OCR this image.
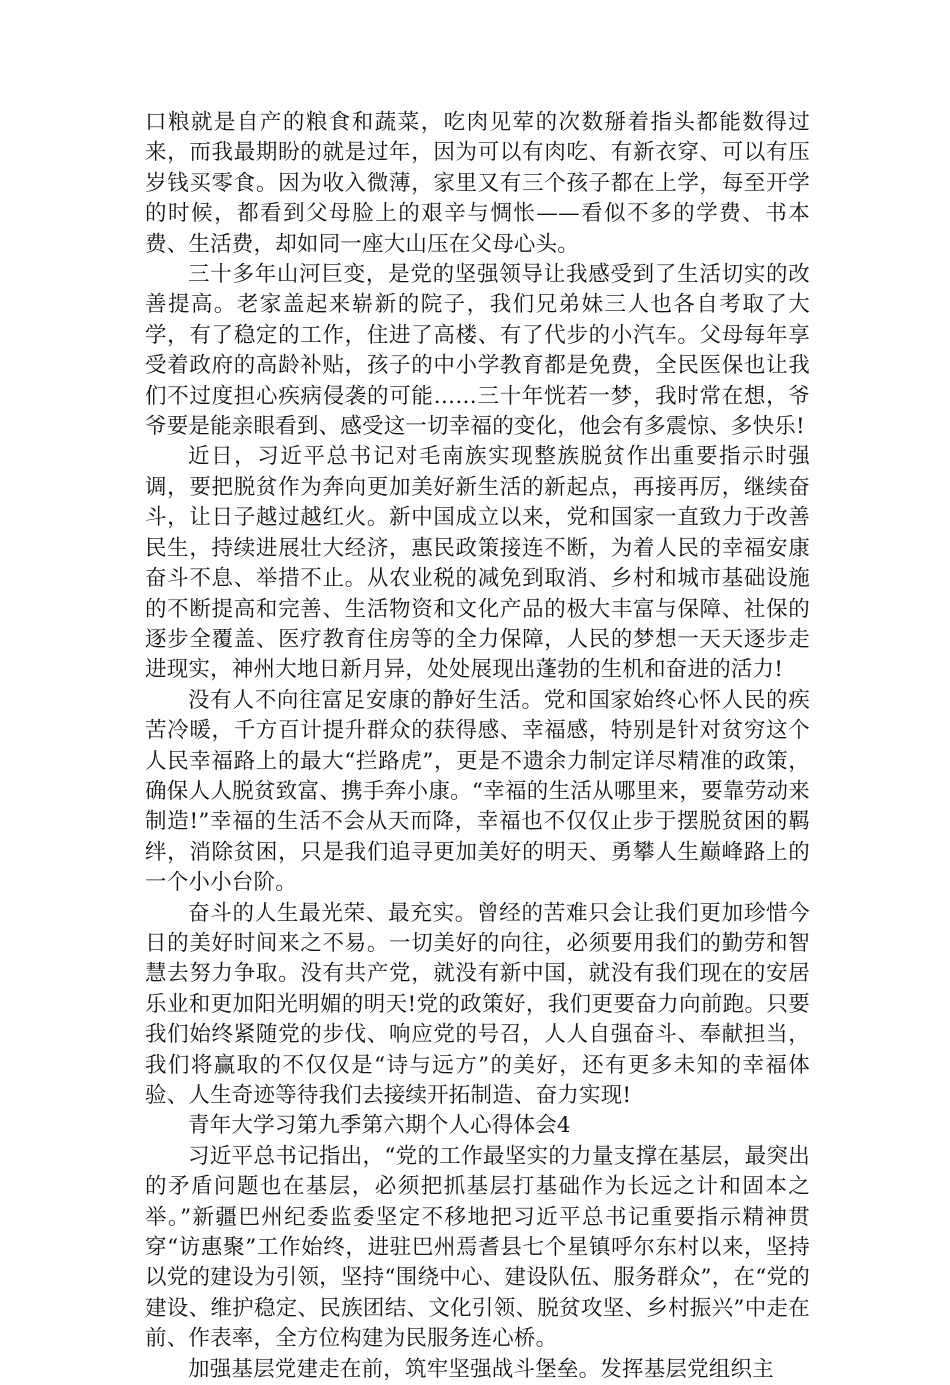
口粮就是自产的粮食和蔬菜，吃肉见荤的次数掰着指头都能数得过来，而我最期盼的就是过年，因为可以有肉吃、有新衣穿、可以有压岁钱买零食。因为收入微薄，家里又有三个孩子都在上学，每至开学的时候，都看到父母脸上的艰辛与惆怅——看似不多的学费、书本费、生活费，却如同一座大山压在父母心头。

三十多年山河巨变，是党的坚强领导让我感受到了生活切实的改善提高。老家盖起来崭新的院子，我们兄弟妹三人也各自考取了大学，有了稳定的工作，住进了高楼、有了代步的小汽车。父母每年享受着政府的高龄补贴，孩子的中小学教育都是免费，全民医保也让我们不过度担心疾病侵袭的可能……三十年恍若一梦，我时常在想，爷爷要是能亲眼看到、感受这一切幸福的变化，他会有多震惊、多快乐!

近日，习近平总书记对毛南族实现整族脱贫作出重要指示时强调，要把脱贫作为奔向更加美好新生活的新起点，再接再厉，继续奋斗，让日子越过越红火。新中国成立以来，党和国家一直致力于改善民生，持续进展壮大经济，惠民政策接连不断，为着人民的幸福安康奋斗不息、举措不止。从农业税的减免到取消、乡村和城市基础设施的不断提高和完善、生活物资和文化产品的极大丰富与保障、社保的逐步全覆盖、医疗教育住房等的全力保障，人民的梦想一天天逐步走进现实，神州大地日新月异，处处展现出蓬勃的生机和奋进的活力!

没有人不向往富足安康的静好生活。党和国家始终心怀人民的疾苦冷暖，千方百计提升群众的获得感、幸福感，特别是针对贫穷这个人民幸福路上的最大“拦路虎”，更是不遗余力制定详尽精准的政策，确保人人脱贫致富、携手奔小康。“幸福的生活从哪里来，要靠劳动来制造!”幸福的生活不会从天而降，幸福也不仅仅止步于摆脱贫困的羁绊，消除贫困，只是我们追寻更加美好的明天、勇攀人生巅峰路上的一个小小台阶。

奋斗的人生最光荣、最充实。曾经的苦难只会让我们更加珍惜今日的美好时间来之不易。一切美好的向往，必须要用我们的勤劳和智慧去努力争取。没有共产党，就没有新中国，就没有我们现在的安居乐业和更加阳光明媚的明天!党的政策好，我们更要奋力向前跑。只要我们始终紧随党的步伐、响应党的号召，人人自强奋斗、奉献担当，我们将赢取的不仅仅是“诗与远方”的美好，还有更多未知的幸福体验、人生奇迹等待我们去接续开拓制造、奋力实现!

青年大学习第九季第六期个人心得体会4

习近平总书记指出，“党的工作最坚实的力量支撑在基层，最突出的矛盾问题也在基层，必须把抓基层打基础作为长远之计和固本之举。”新疆巴州纪委监委坚定不移地把习近平总书记重要指示精神贯穿“访惠聚”工作始终，进驻巴州焉耆县七个星镇呼尔东村以来，坚持以党的建设为引领，坚持“围绕中心、建设队伍、服务群众”，在“党的建设、维护稳定、民族团结、文化引领、脱贫攻坚、乡村振兴”中走在前、作表率，全方位构建为民服务连心桥。

加强基层党建走在前，筑牢坚强战斗堡垒。发挥基层党组织主
